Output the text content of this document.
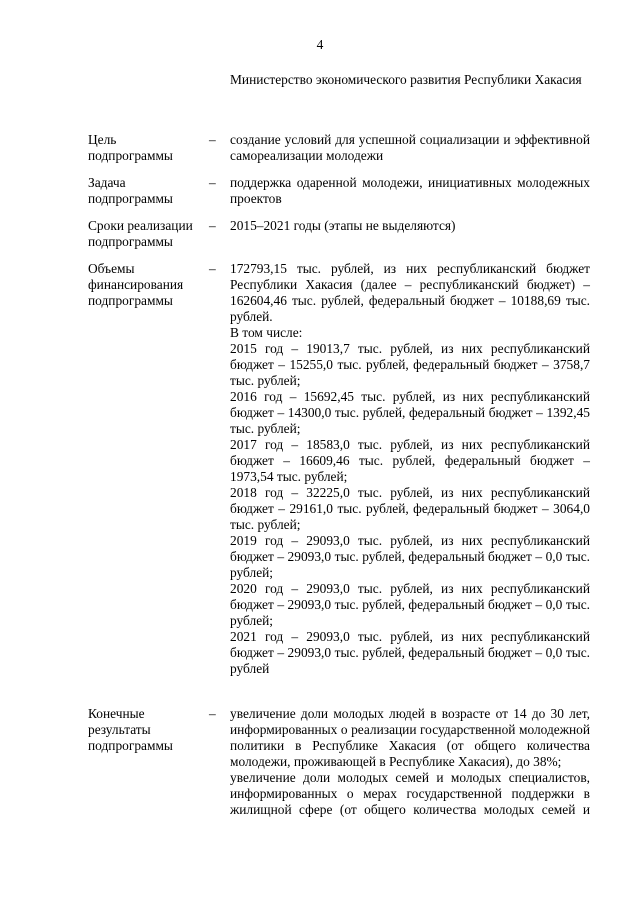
4
Министерство экономического развития Республики Хакасия
Цель
подпрограммы
–	создание условий для успешной социализации и эффективной самореализации молодежи

Задача
подпрограммы
–	поддержка одаренной молодежи, инициативных молодежных проектов

Сроки реализации
подпрограммы
–	2015–2021 годы (этапы не выделяются)

Объемы
финансирования
подпрограммы
–	172793,15 тыс. рублей, из них республиканский бюджет Республики Хакасия (далее – республиканский бюджет) – 162604,46 тыс. рублей, федеральный бюджет – 10188,69 тыс. рублей.

В том числе:

2015 год – 19013,7 тыс. рублей, из них республиканский бюджет – 15255,0 тыс. рублей, федеральный бюджет – 3758,7 тыс. рублей;

2016 год – 15692,45 тыс. рублей, из них республиканский бюджет – 14300,0 тыс. рублей, федеральный бюджет – 1392,45 тыс. рублей;

2017 год – 18583,0 тыс. рублей, из них республиканский бюджет – 16609,46 тыс. рублей, федеральный бюджет – 1973,54 тыс. рублей;

2018 год – 32225,0 тыс. рублей, из них республиканский бюджет – 29161,0 тыс. рублей, федеральный бюджет – 3064,0 тыс. рублей;

2019 год – 29093,0 тыс. рублей, из них республиканский бюджет – 29093,0 тыс. рублей, федеральный бюджет – 0,0 тыс. рублей;

2020 год – 29093,0 тыс. рублей, из них республиканский бюджет – 29093,0 тыс. рублей, федеральный бюджет – 0,0 тыс. рублей;

2021 год – 29093,0 тыс. рублей, из них республиканский бюджет – 29093,0 тыс. рублей, федеральный бюджет – 0,0 тыс. рублей

Конечные
результаты
подпрограммы
–	увеличение доли молодых людей в возрасте от 14 до 30 лет, информированных о реализации государственной молодежной политики в Республике Хакасия (от общего количества молодежи, проживающей в Республике Хакасия), до 38%;

увеличение доли молодых семей и молодых специалистов, информированных о мерах государственной поддержки в жилищной сфере (от общего количества молодых семей и
